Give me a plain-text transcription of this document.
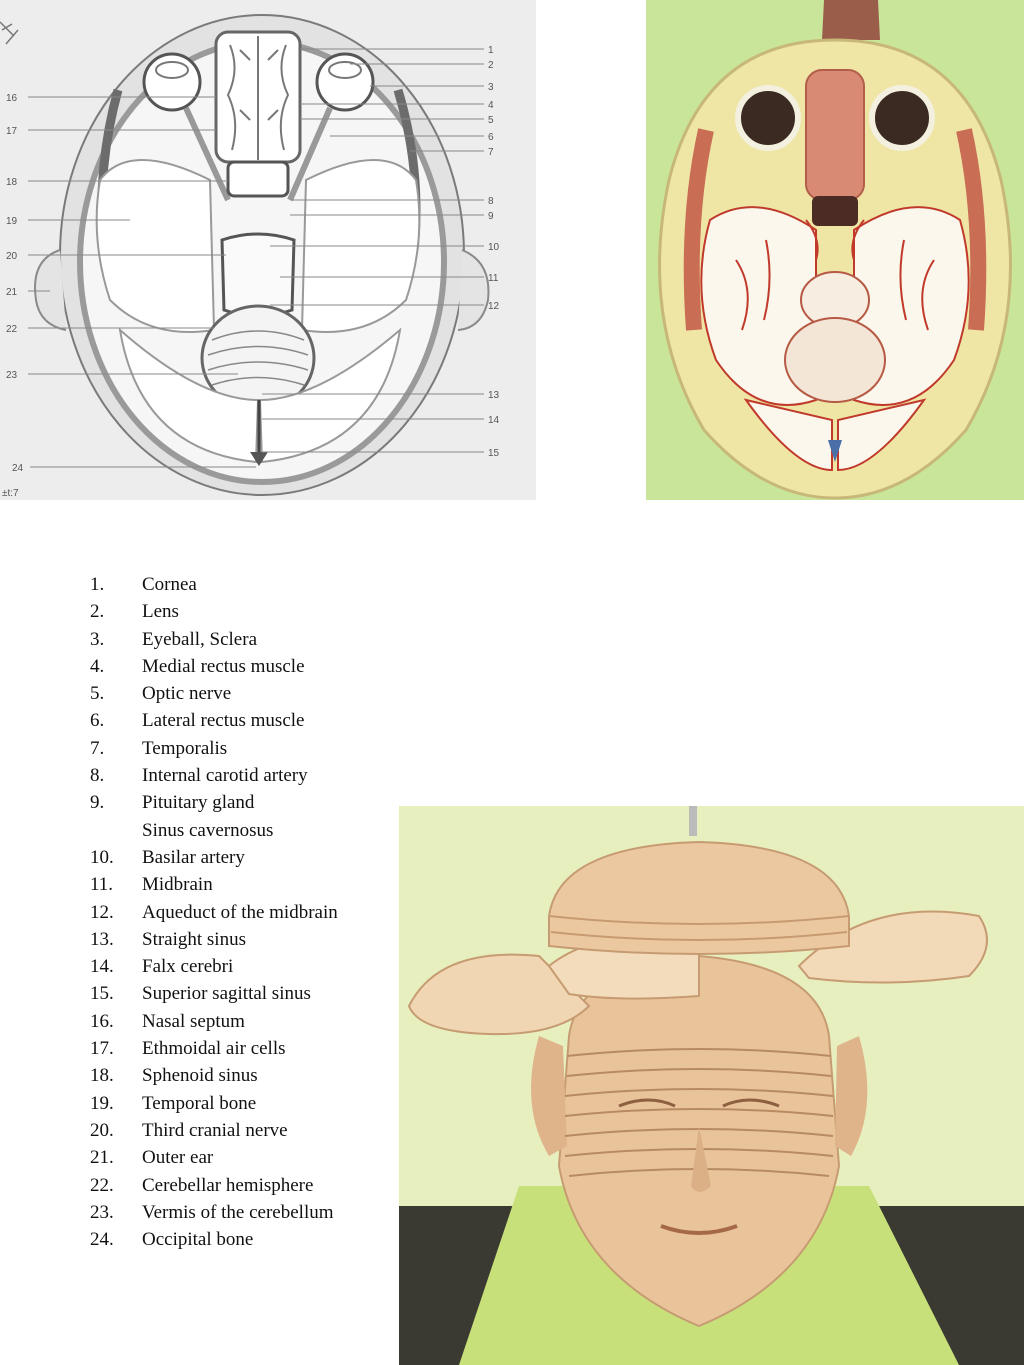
1
2
3
4
5
6
7
8
9
10
11
12
13
14
15
16
17
18
19
20
21
22
23
24
±t:7
1. Cornea
2. Lens
3. Eyeball, Sclera
4. Medial rectus muscle
5. Optic nerve
6. Lateral rectus muscle
7. Temporalis
8. Internal carotid artery
9. Pituitary gland
Sinus cavernosus
10. Basilar artery
11. Midbrain
12. Aqueduct of the midbrain
13. Straight sinus
14. Falx cerebri
15. Superior sagittal sinus
16. Nasal septum
17. Ethmoidal air cells
18. Sphenoid sinus
19. Temporal bone
20. Third cranial nerve
21. Outer ear
22. Cerebellar hemisphere
23. Vermis of the cerebellum
24. Occipital bone
